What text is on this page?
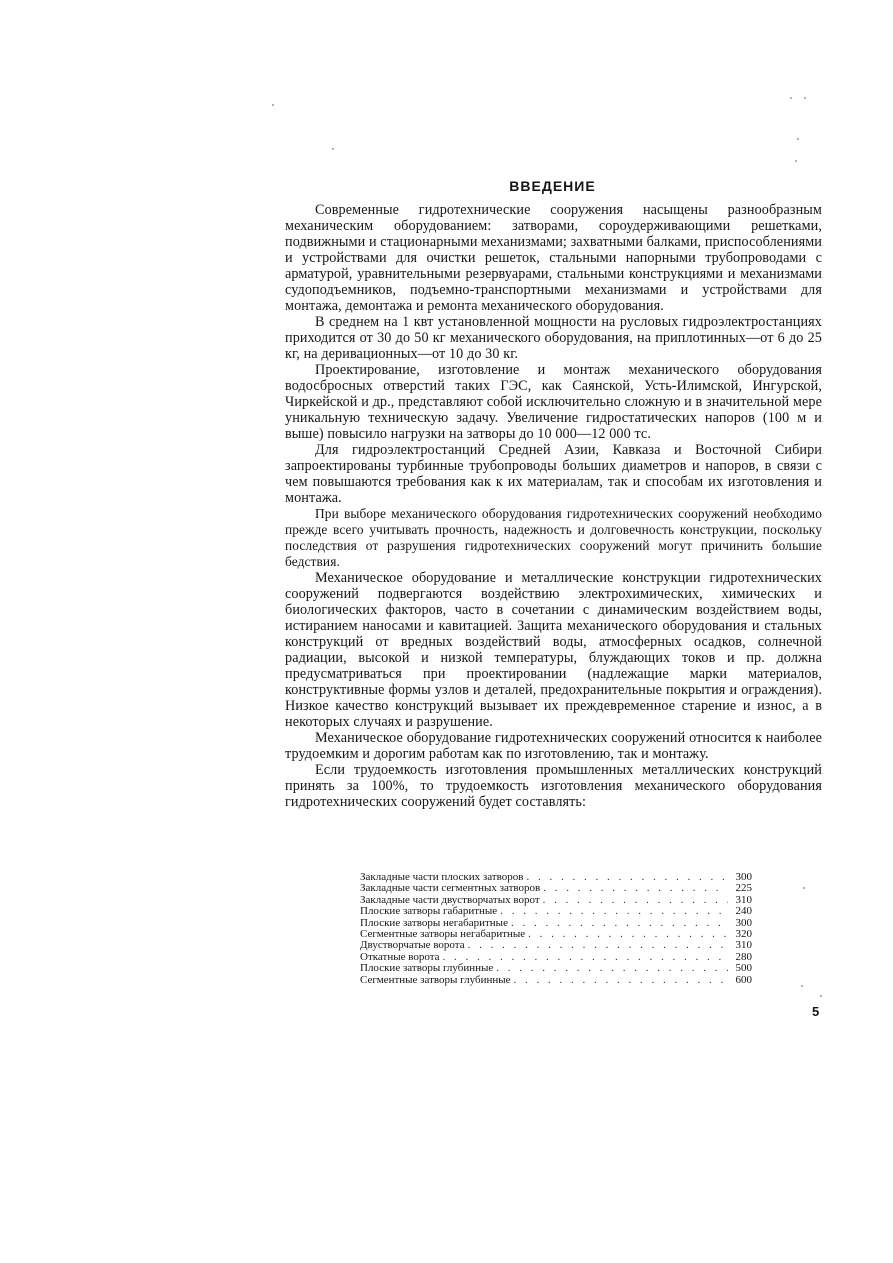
ВВЕДЕНИЕ

Современные гидротехнические сооружения насыщены разнообразным механическим оборудованием: затворами, сороудерживающими решетками, подвижными и стационарными механизмами; захватными балками, приспособлениями и устройствами для очистки решеток, стальными напорными трубопроводами с арматурой, уравнительными резервуарами, стальными конструкциями и механизмами судоподъемников, подъемно-транспортными механизмами и устройствами для монтажа, демонтажа и ремонта механического оборудования.

В среднем на 1 квт установленной мощности на русловых гидроэлектростанциях приходится от 30 до 50 кг механического оборудования, на приплотинных—от 6 до 25 кг, на деривационных—от 10 до 30 кг.

Проектирование, изготовление и монтаж механического оборудования водосбросных отверстий таких ГЭС, как Саянской, Усть-Илимской, Ингурской, Чиркейской и др., представляют собой исключительно сложную и в значительной мере уникальную техническую задачу. Увеличение гидростатических напоров (100 м и выше) повысило нагрузки на затворы до 10 000—12 000 тс.

Для гидроэлектростанций Средней Азии, Кавказа и Восточной Сибири запроектированы турбинные трубопроводы больших диаметров и напоров, в связи с чем повышаются требования как к их материалам, так и способам их изготовления и монтажа.

При выборе механического оборудования гидротехнических сооружений необходимо прежде всего учитывать прочность, надежность и долговечность конструкции, поскольку последствия от разрушения гидротехнических сооружений могут причинить большие бедствия.

Механическое оборудование и металлические конструкции гидротехнических сооружений подвергаются воздействию электрохимических, химических и биологических факторов, часто в сочетании с динамическим воздействием воды, истиранием наносами и кавитацией. Защита механического оборудования и стальных конструкций от вредных воздействий воды, атмосферных осадков, солнечной радиации, высокой и низкой температуры, блуждающих токов и пр. должна предусматриваться при проектировании (надлежащие марки материалов, конструктивные формы узлов и деталей, предохранительные покрытия и ограждения). Низкое качество конструкций вызывает их преждевременное старение и износ, а в некоторых случаях и разрушение.

Механическое оборудование гидротехнических сооружений относится к наиболее трудоемким и дорогим работам как по изготовлению, так и монтажу.

Если трудоемкость изготовления промышленных металлических конструкций принять за 100%, то трудоемкость изготовления механического оборудования гидротехнических сооружений будет составлять:

Закладные части плоских затворов . . .	300
Закладные части сегментных затворов . . .	225
Закладные части двустворчатых ворот . . .	310
Плоские затворы габаритные . . .	240
Плоские затворы негабаритные . . .	300
Сегментные затворы негабаритные . . .	320
Двустворчатые ворота . . .	310
Откатные ворота . . .	280
Плоские затворы глубинные . . .	500
Сегментные затворы глубинные . . .	600
5
